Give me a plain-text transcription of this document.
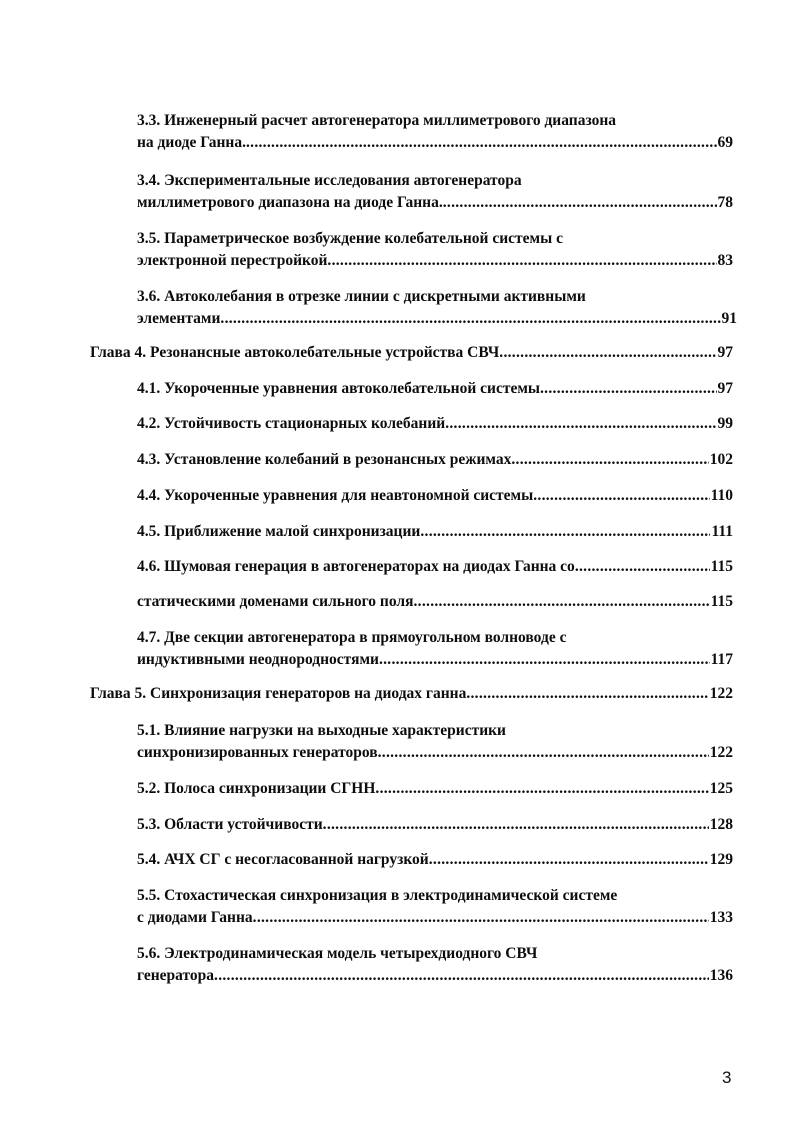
3.3. Инженерный расчет автогенератора миллиметрового диапазона
на диоде Ганна. .....	69
3.4. Экспериментальные исследования автогенератора
миллиметрового диапазона на диоде Ганна. .....	78
3.5. Параметрическое возбуждение колебательной системы с
электронной перестройкой .....	83
3.6. Автоколебания в отрезке линии с дискретными активными
элементами .....	91
Глава 4. Резонансные автоколебательные устройства СВЧ .....	97
4.1. Укороченные уравнения автоколебательной системы .....	97
4.2. Устойчивость стационарных колебаний .....	99
4.3. Установление колебаний в резонансных режимах .....	102
4.4. Укороченные уравнения для неавтономной системы .....	110
4.5. Приближение малой синхронизации .....	111
4.6. Шумовая генерация в автогенераторах на диодах Ганна со .....	115
статическими доменами сильного поля .....	115
4.7. Две секции автогенератора в прямоугольном волноводе с
индуктивными неоднородностями .....	117
Глава 5. Синхронизация генераторов на диодах ганна .....	122
5.1. Влияние нагрузки на выходные характеристики
синхронизированных генераторов .....	122
5.2. Полоса синхронизации СГНН .....	125
5.3. Области устойчивости .....	128
5.4. АЧХ СГ с несогласованной нагрузкой .....	129
5.5. Стохастическая синхронизация в электродинамической системе
с диодами Ганна .....	133
5.6. Электродинамическая модель четырехдиодного СВЧ
генератора .....	136
3
